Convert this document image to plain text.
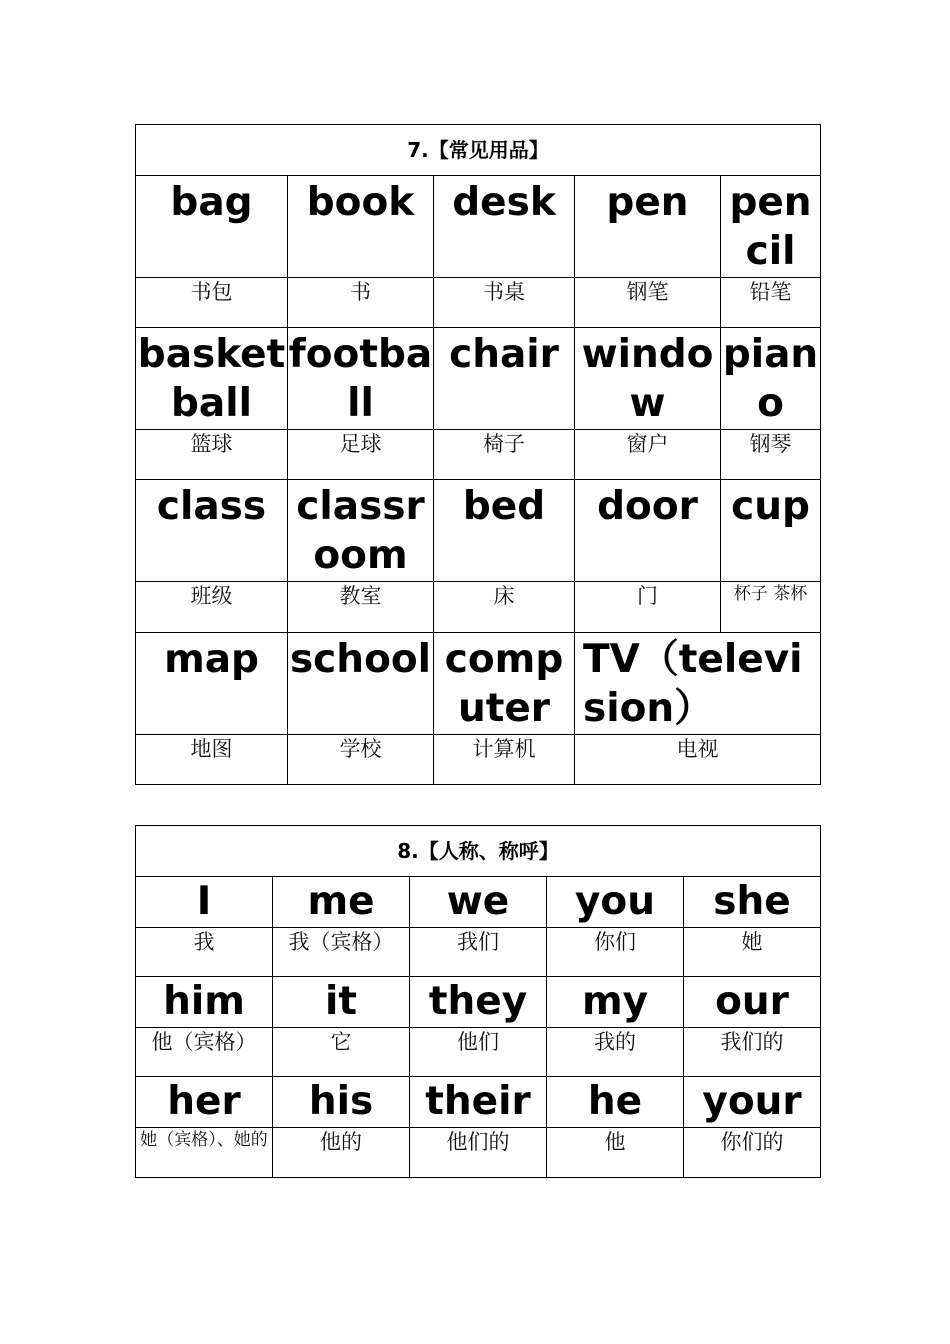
7.【常见用品】				
bag	book	desk	pen	pencil
书包	书	书桌	钢笔	铅笔
basketball	football	chair	window	piano
篮球	足球	椅子	窗户	钢琴
class	classroom	bed	door	cup
班级	教室	床	门	杯子 茶杯
map	school	computer	TV（television）	
地图	学校	计算机	电视	
8.【人称、称呼】				
I	me	we	you	she
我	我（宾格）	我们	你们	她
him	it	they	my	our
他（宾格）	它	他们	我的	我们的
her	his	their	he	your
她（宾格）、她的	他的	他们的	他	你们的
